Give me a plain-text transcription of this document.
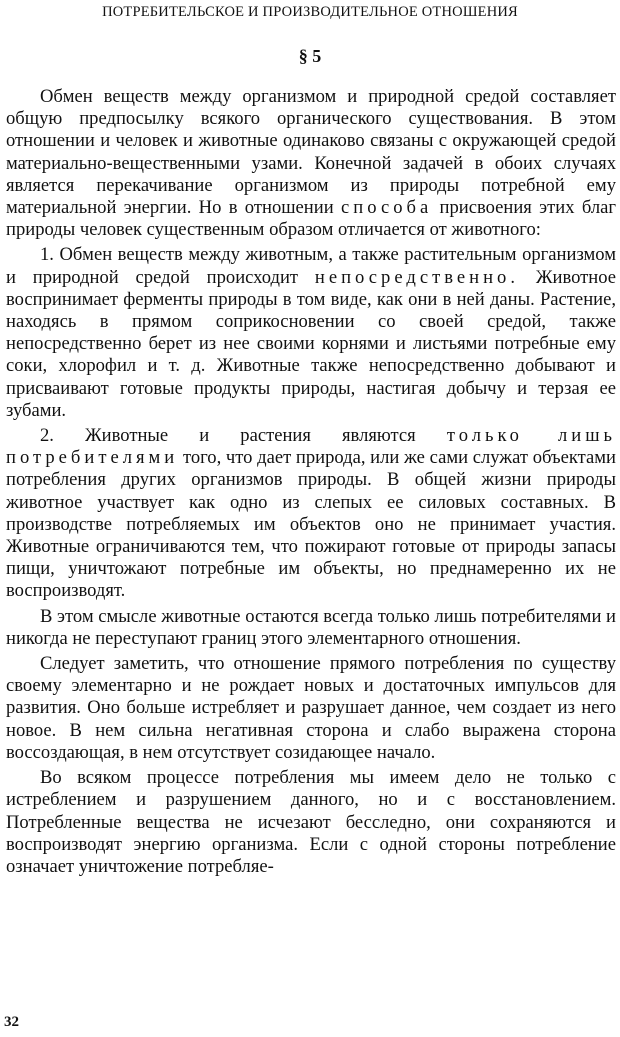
ПОТРЕБИТЕЛЬСКОЕ И ПРОИЗВОДИТЕЛЬНОЕ ОТНОШЕНИЯ
§ 5

Обмен веществ между организмом и природной средой составляет общую предпосылку всякого органического существования. В этом отношении и человек и животные одинаково связаны с окружающей средой материально-вещественными узами. Конечной задачей в обоих случаях является перекачивание организмом из природы потребной ему материальной энергии. Но в отношении способа присвоения этих благ природы человек существенным образом отличается от животного:

1. Обмен веществ между животным, а также растительным организмом и природной средой происходит непосредственно. Животное воспринимает ферменты природы в том виде, как они в ней даны. Растение, находясь в прямом соприкосновении со своей средой, также непосредственно берет из нее своими корнями и листьями потребные ему соки, хлорофил и т. д. Животные также непосредственно добывают и присваивают готовые продукты природы, настигая добычу и терзая ее зубами.

2. Животные и растения являются только лишь потребителями того, что дает природа, или же сами служат объектами потребления других организмов природы. В общей жизни природы животное участвует как одно из слепых ее силовых составных. В производстве потребляемых им объектов оно не принимает участия. Животные ограничиваются тем, что пожирают готовые от природы запасы пищи, уничтожают потребные им объекты, но преднамеренно их не воспроизводят.

В этом смысле животные остаются всегда только лишь потребителями и никогда не переступают границ этого элементарного отношения.

Следует заметить, что отношение прямого потребления по существу своему элементарно и не рождает новых и достаточных импульсов для развития. Оно больше истребляет и разрушает данное, чем создает из него новое. В нем сильна негативная сторона и слабо выражена сторона воссоздающая, в нем отсутствует созидающее начало.

Во всяком процессе потребления мы имеем дело не только с истреблением и разрушением данного, но и с восстановлением. Потребленные вещества не исчезают бесследно, они сохраняются и воспроизводят энергию организма. Если с одной стороны потребление означает уничтожение потребляе-

32
